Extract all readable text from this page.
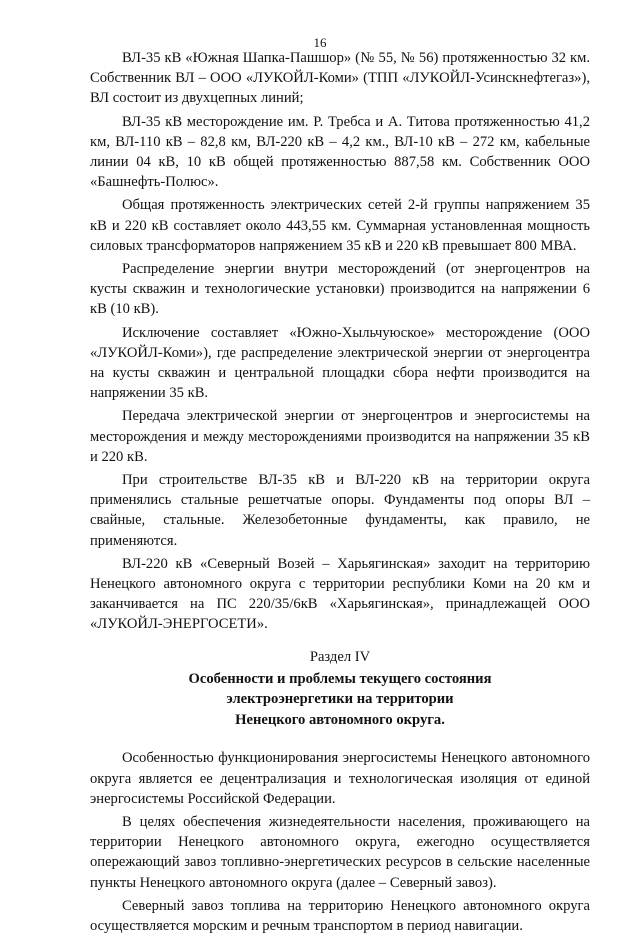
16

ВЛ-35 кВ «Южная Шапка-Пашшор» (№ 55, № 56) протяженностью 32 км. Собственник ВЛ – ООО «ЛУКОЙЛ-Коми» (ТПП «ЛУКОЙЛ-Усинскнефтегаз»), ВЛ состоит из двухцепных линий;

ВЛ-35 кВ месторождение им. Р. Требса и А. Титова протяженностью 41,2 км, ВЛ-110 кВ – 82,8 км, ВЛ-220 кВ – 4,2 км., ВЛ-10 кВ – 272 км, кабельные линии 04 кВ, 10 кВ общей протяженностью 887,58 км. Собственник ООО «Башнефть-Полюс».

Общая протяженность электрических сетей 2-й группы напряжением 35 кВ и 220 кВ составляет около 443,55 км. Суммарная установленная мощность силовых трансформаторов напряжением 35 кВ и 220 кВ превышает 800 МВА.

Распределение энергии внутри месторождений (от энергоцентров на кусты скважин и технологические установки) производится на напряжении 6 кВ (10 кВ).

Исключение составляет «Южно-Хыльчуюское» месторождение (ООО «ЛУКОЙЛ-Коми»), где распределение электрической энергии от энергоцентра на кусты скважин и центральной площадки сбора нефти производится на напряжении 35 кВ.

Передача электрической энергии от энергоцентров и энергосистемы на месторождения и между месторождениями производится на напряжении 35 кВ и 220 кВ.

При строительстве ВЛ-35 кВ и ВЛ-220 кВ на территории округа применялись стальные решетчатые опоры. Фундаменты под опоры ВЛ – свайные, стальные. Железобетонные фундаменты, как правило, не применяются.

ВЛ-220 кВ «Северный Возей – Харьягинская» заходит на территорию Ненецкого автономного округа с территории республики Коми на 20 км и заканчивается на ПС 220/35/6кВ «Харьягинская», принадлежащей ООО «ЛУКОЙЛ-ЭНЕРГОСЕТИ».

Раздел IV

Особенности и проблемы текущего состояния

электроэнергетики на территории

Ненецкого автономного округа.

Особенностью функционирования энергосистемы Ненецкого автономного округа является ее децентрализация и технологическая изоляция от единой энергосистемы Российской Федерации.

В целях обеспечения жизнедеятельности населения, проживающего на территории Ненецкого автономного округа, ежегодно осуществляется опережающий завоз топливно-энергетических ресурсов в сельские населенные пункты Ненецкого автономного округа (далее – Северный завоз).

Северный завоз топлива на территорию Ненецкого автономного округа осуществляется морским и речным транспортом в период навигации.
